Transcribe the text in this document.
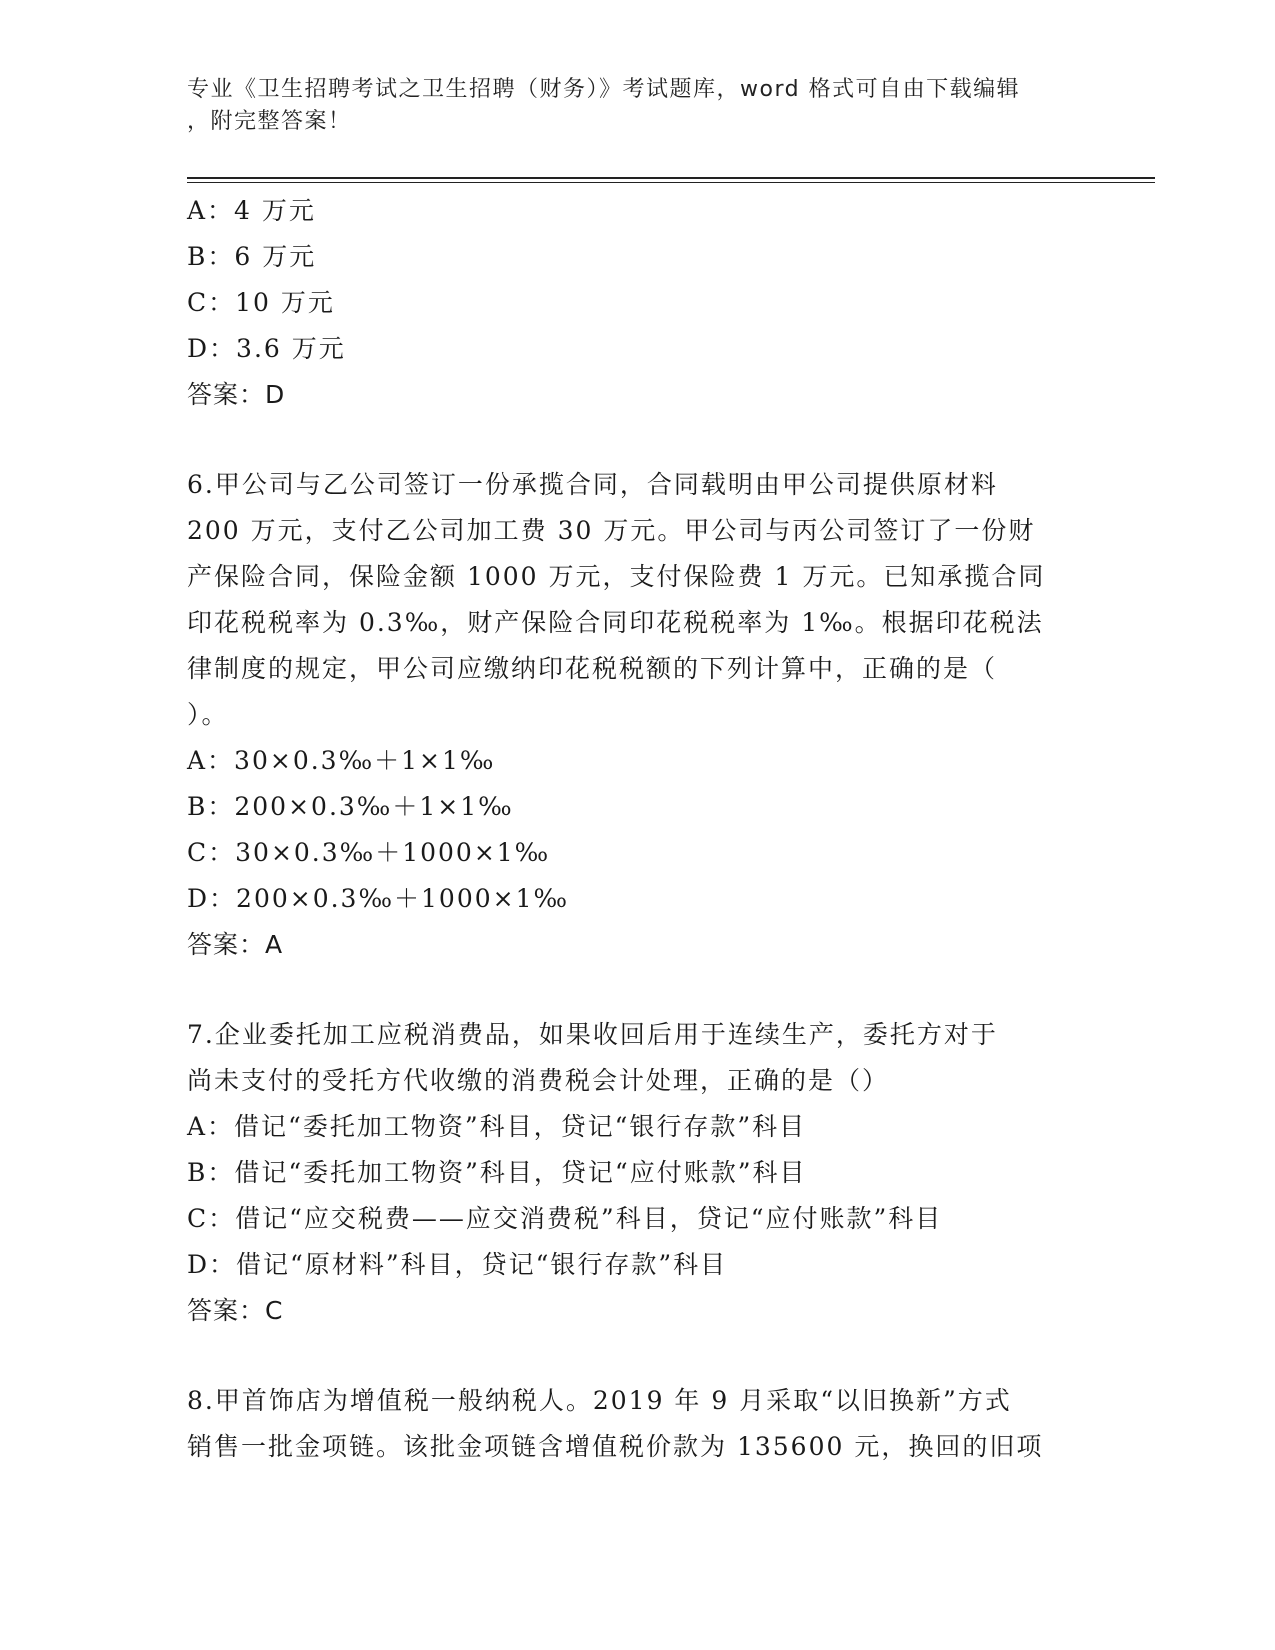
专业《卫生招聘考试之卫生招聘（财务）》考试题库，word 格式可自由下载编辑
，附完整答案！
A：4 万元
B：6 万元
C：10 万元
D：3.6 万元
答案：D
6.甲公司与乙公司签订一份承揽合同，合同载明由甲公司提供原材料
200 万元，支付乙公司加工费 30 万元。甲公司与丙公司签订了一份财
产保险合同，保险金额 1000 万元，支付保险费 1 万元。已知承揽合同
印花税税率为 0.3‰，财产保险合同印花税税率为 1‰。根据印花税法
律制度的规定，甲公司应缴纳印花税税额的下列计算中，正确的是（
）。
A：30×0.3‰＋1×1‰
B：200×0.3‰＋1×1‰
C：30×0.3‰＋1000×1‰
D：200×0.3‰＋1000×1‰
答案：A
7.企业委托加工应税消费品，如果收回后用于连续生产，委托方对于
尚未支付的受托方代收缴的消费税会计处理，正确的是（）
A：借记“委托加工物资”科目，贷记“银行存款”科目
B：借记“委托加工物资”科目，贷记“应付账款”科目
C：借记“应交税费——应交消费税”科目，贷记“应付账款”科目
D：借记“原材料”科目，贷记“银行存款”科目
答案：C
8.甲首饰店为增值税一般纳税人。2019 年 9 月采取“以旧换新”方式
销售一批金项链。该批金项链含增值税价款为 135600 元，换回的旧项
